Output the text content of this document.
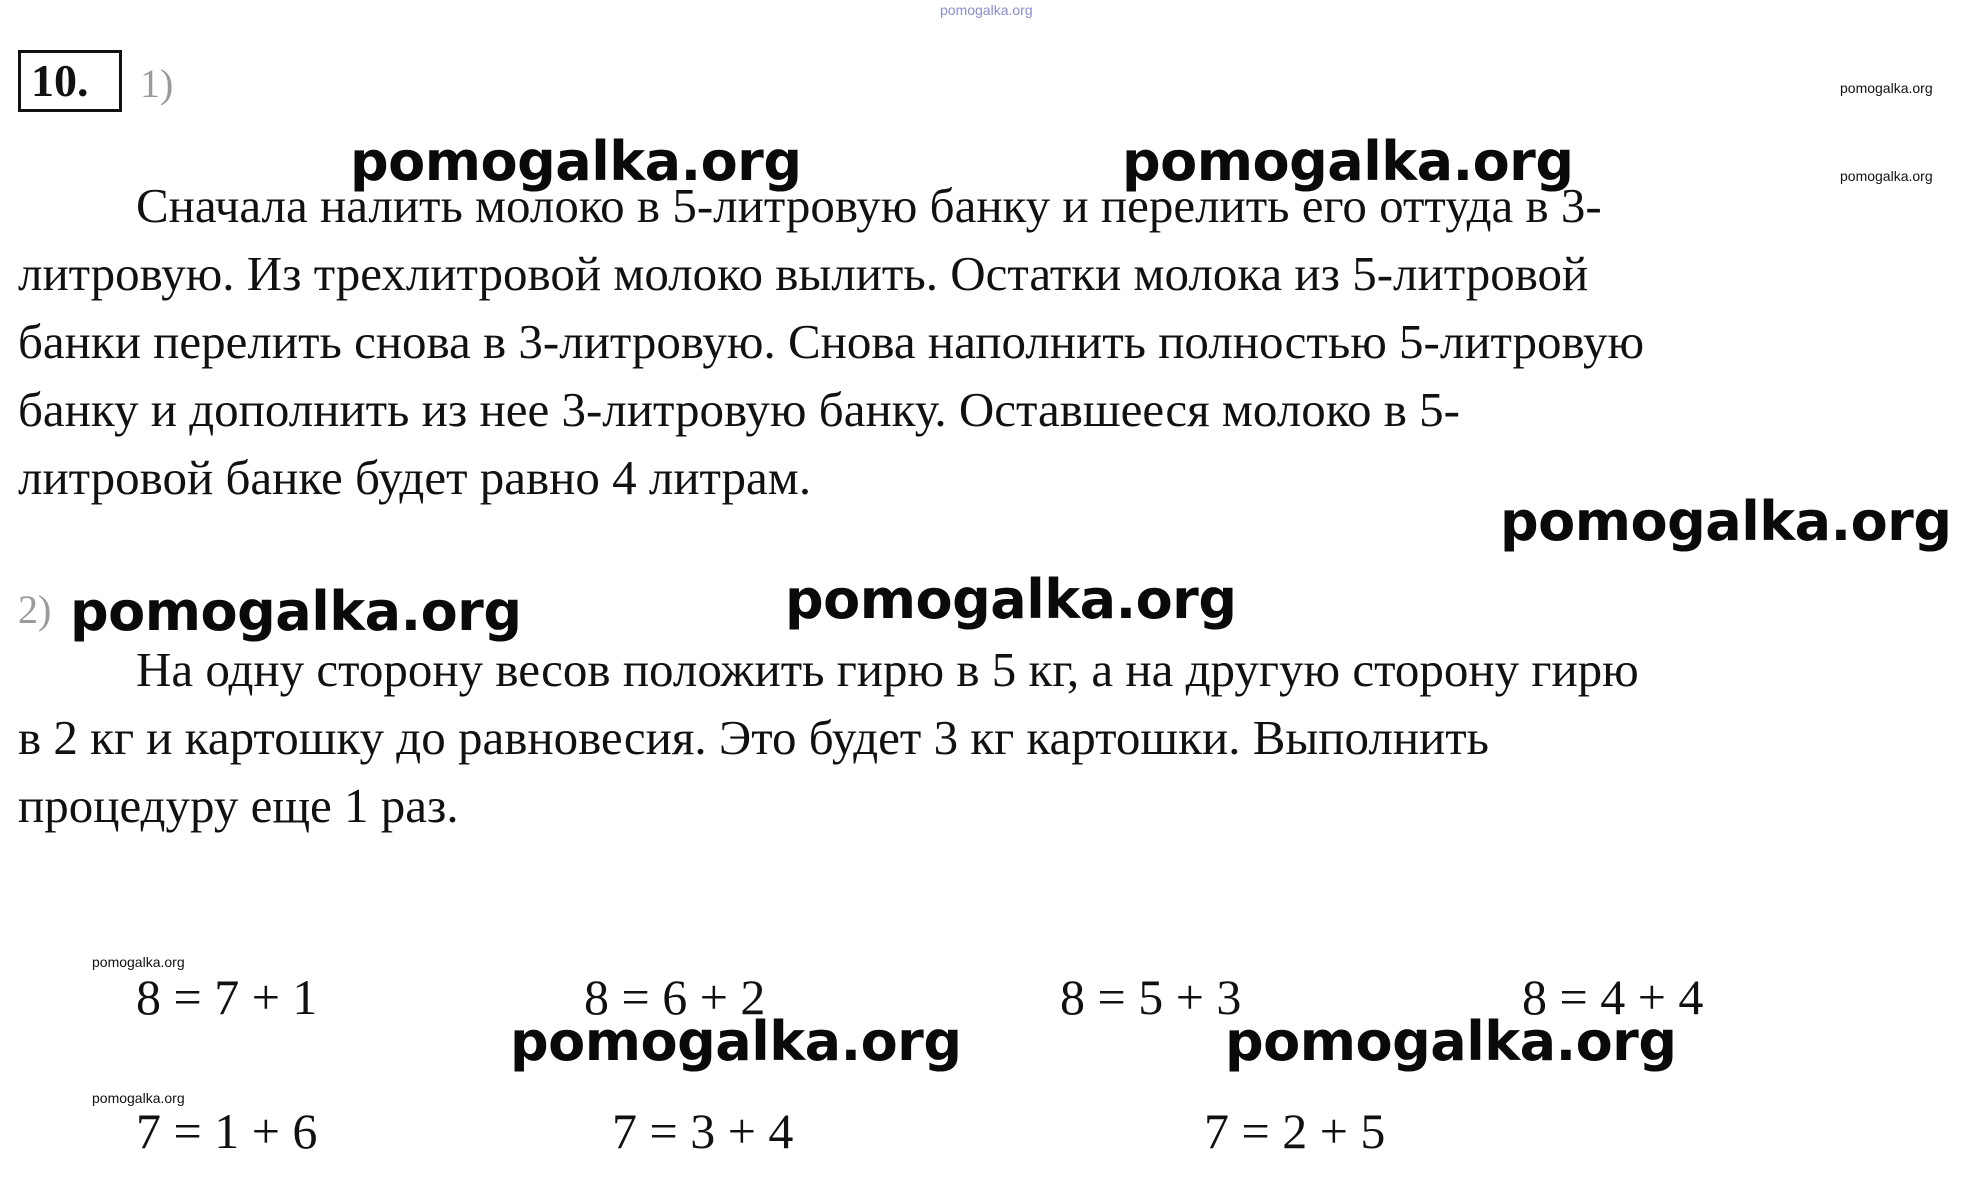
pomogalka.org
10.	1)	pomogalka.org
pomogalka.org
Сначала налить молоко в 5-литровую банку и перелить его оттуда в 3-
литровую. Из трехлитровой молоко вылить. Остатки молока из 5-литровой
банки перелить снова в 3-литровую. Снова наполнить полностью 5-литровую
банку и дополнить из нее 3-литровую банку. Оставшееся молоко в 5-
литровой банке будет равно 4 литрам.
pomogalka.org	pomogalka.org
pomogalka.org
2) pomogalka.org	pomogalka.org
На одну сторону весов положить гирю в 5 кг, а на другую сторону гирю
в 2 кг и картошку до равновесия. Это будет 3 кг картошки. Выполнить
процедуру еще 1 раз.
pomogalka.org
8 = 7 + 1	8 = 6 + 2	8 = 5 + 3	8 = 4 + 4
pomogalka.org	pomogalka.org
pomogalka.org
7 = 1 + 6	7 = 3 + 4	7 = 2 + 5
